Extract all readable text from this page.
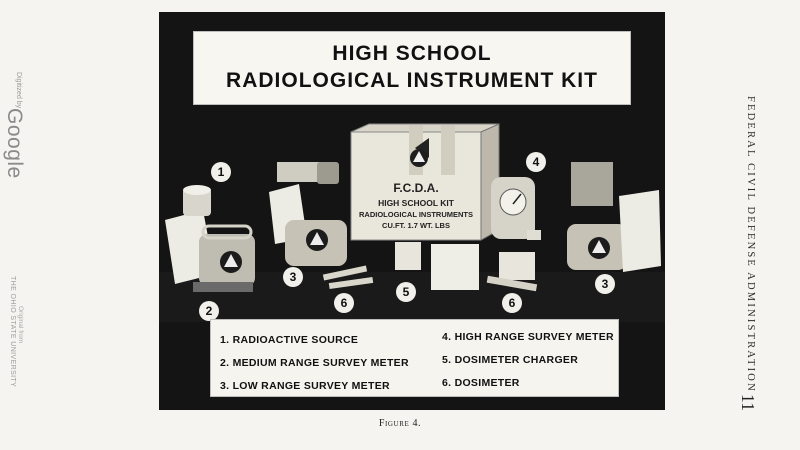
Digitized by
Google
Original from
THE OHIO STATE UNIVERSITY	FEDERAL CIVIL DEFENSE ADMINISTRATION
11
F.C.D.A.
HIGH SCHOOL KIT
RADIOLOGICAL INSTRUMENTS
CU.FT. 1.7 WT. LBS
HIGH SCHOOL
RADIOLOGICAL INSTRUMENT KIT
1
2
3	3
4
5
6	6
1. RADIOACTIVE SOURCE
2. MEDIUM RANGE SURVEY METER
3. LOW RANGE SURVEY METER
4. HIGH RANGE SURVEY METER
5. DOSIMETER CHARGER
6. DOSIMETER
Figure 4.
